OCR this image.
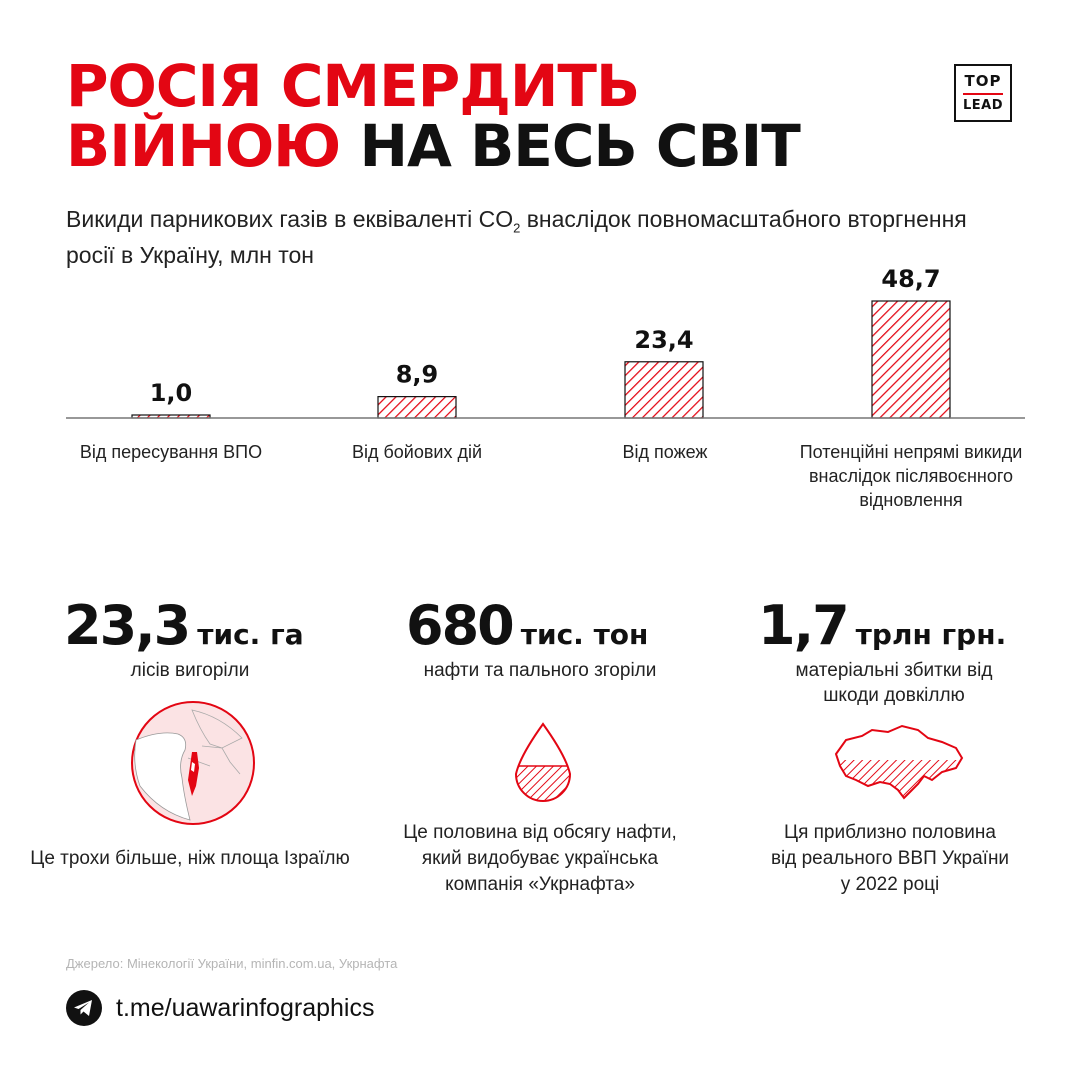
РОСІЯ СМЕРДИТЬ
ВІЙНОЮ НА ВЕСЬ СВІТ
TOP
LEAD

Викиди парникових газів в еквіваленті $CO_2$ внаслідок повномасштабного вторгнення росії в Україну, млн тон

1,0
8,9
23,4
48,7
Від пересування ВПО	Від бойових дій	Від пожеж	Потенційні непрямі викиди внаслідок післявоєнного відновлення
23,3 тис. га 680 тис. тон 1,7 трлн грн.
лісів вигоріли	нафти та пального згоріли	матеріальні збитки від шкоди довкіллю
Це трохи більше, ніж площа Ізраїлю
Це половина від обсягу нафти, який видобуває українська компанія «Укрнафта»
Ця приблизно половина від реального ВВП України у 2022 році
Джерело: Мінекології України, minfin.com.ua, Укрнафта
t.me/uawarinfographics
